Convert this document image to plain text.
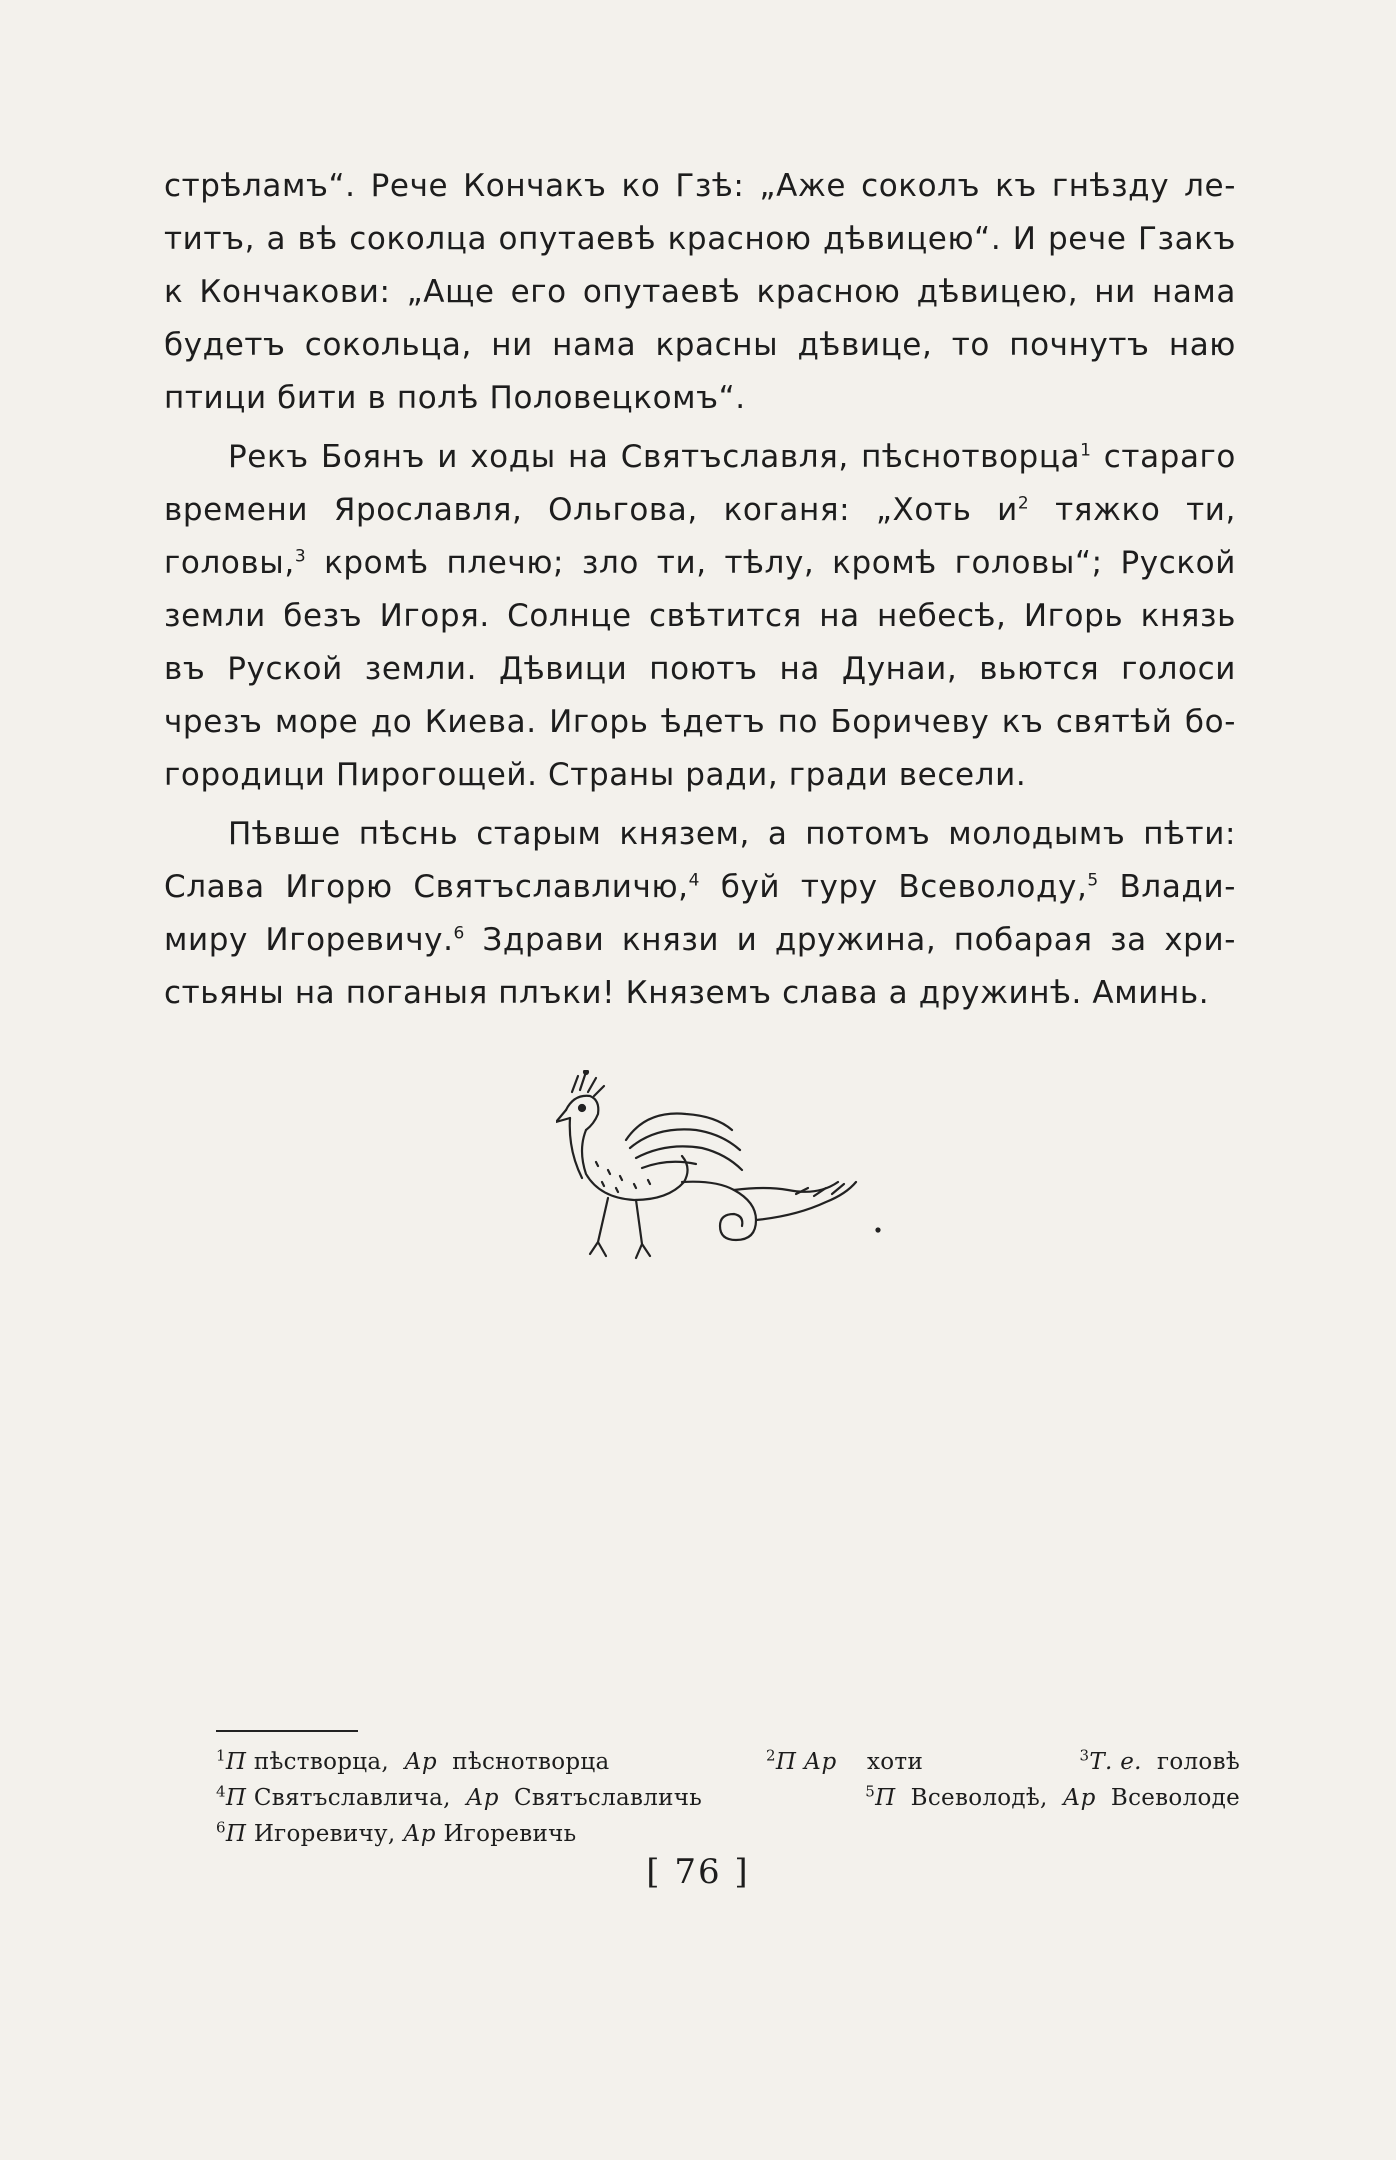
стрѣламъ“. Рече Кончакъ ко Гзѣ: „Аже соколъ къ гнѣзду ле-
титъ, а вѣ соколца опутаевѣ красною дѣвицею“. И рече Гзакъ
к Кончакови: „Аще его опутаевѣ красною дѣвицею, ни нама
будетъ сокольца, ни нама красны дѣвице, то почнутъ наю
птици бити в полѣ Половецкомъ“.

Рекъ Боянъ и ходы на Святъславля, пѣснотворца$^1$ стараго
времени Ярославля, Ольгова, коганя: „Хоть $и^2$ тяжко ти,
головы,$^3$ кромѣ плечю; зло ти, тѣлу, кромѣ головы“; Руской
земли безъ Игоря. Солнце свѣтится на небесѣ, Игорь князь
въ Руской земли. Дѣвици поютъ на Дунаи, вьются голоси
чрезъ море до Киева. Игорь ѣдетъ по Боричеву къ святѣй бо-
городици Пирогощей. Страны ради, гради весели.

Пѣвше пѣснь старым князем, а потомъ молодымъ пѣти:
Слава Игорю Святъславличю,$^4$ буй туру Всеволоду,$^5$ Влади-
миру Игоревичу.$^6$ Здрави князи и дружина, побарая за хри-
стьяны на поганыя плъки! Княземъ слава а дружинѣ. Аминь.

$^1$П пѣстворца, Ар пѣснотворца	$^2$П Ар хоти	$^3$Т. е. головѣ
$^4$П Святъславлича, Ар Святъславличь	$^5$П Всеволодѣ, Ар Всеволоде
$^6$П Игоревичу, Ар Игоревичь
[ 76 ]
